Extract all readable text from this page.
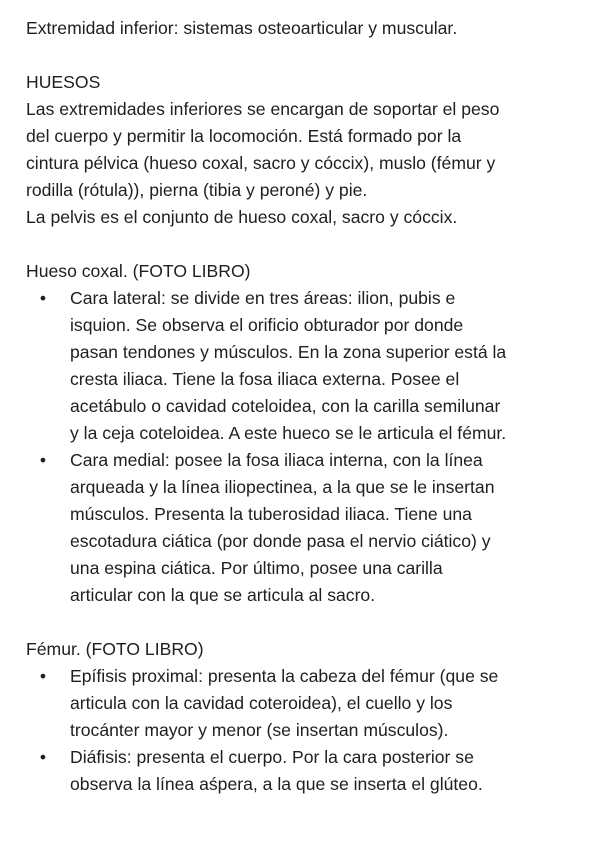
Extremidad inferior: sistemas osteoarticular y muscular.
HUESOS
Las extremidades inferiores se encargan de soportar el peso
del cuerpo y permitir la locomoción. Está formado por la
cintura pélvica (hueso coxal, sacro y cóccix), muslo (fémur y
rodilla (rótula)), pierna (tibia y peroné) y pie.
La pelvis es el conjunto de hueso coxal, sacro y cóccix.
Hueso coxal. (FOTO LIBRO)
• Cara lateral: se divide en tres áreas: ilion, pubis e
isquion. Se observa el orificio obturador por donde
pasan tendones y músculos. En la zona superior está la
cresta iliaca. Tiene la fosa iliaca externa. Posee el
acetábulo o cavidad coteloidea, con la carilla semilunar
y la ceja coteloidea. A este hueco se le articula el fémur.
• Cara medial: posee la fosa iliaca interna, con la línea
arqueada y la línea iliopectinea, a la que se le insertan
músculos. Presenta la tuberosidad iliaca. Tiene una
escotadura ciática (por donde pasa el nervio ciático) y
una espina ciática. Por último, posee una carilla
articular con la que se articula al sacro.
Fémur. (FOTO LIBRO)
• Epífisis proximal: presenta la cabeza del fémur (que se
articula con la cavidad coteroidea), el cuello y los
trocánter mayor y menor (se insertan músculos).
• Diáfisis: presenta el cuerpo. Por la cara posterior se
observa la línea aśpera, a la que se inserta el glúteo.
